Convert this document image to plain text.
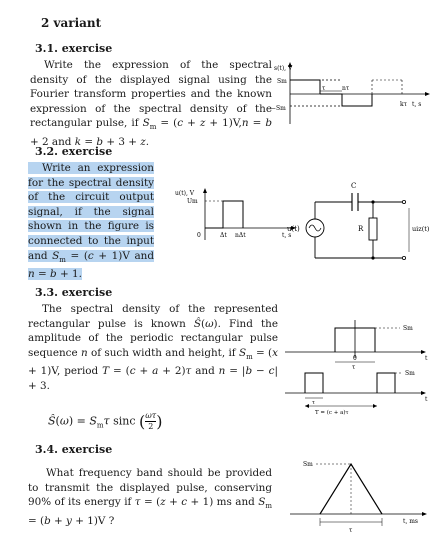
2 variant
3.1. exercise
Write the expression of the spectral density of the displayed signal using the Fourier transform properties and the known expression of the spectral density of the rectangular pulse, if $S_m = (c + z + 1)V,n = b + 2$ and k = b + 3 + z.
s(t), V
Sm
−Sm
τ	nτ
kτ t, s
3.2. exercise
Write an expression for the spectral density of the circuit output signal, if the signal shown in the figure is connected to the input and $S_m = (c + 1)V$ and n = b + 1.
u(t), V
Um
0	Δt nΔt	t, s
u(t)
C
R	uiz(t)
3.3. exercise
The spectral density of the represented rectangular pulse is known Ŝ(ω). Find the amplitude of the periodic rectangular pulse sequence n of such width and height, if $S_m = (x + 1)V$, period T = (c + a + 2)τ and n = |b − c| + 3.
Ŝ(ω) = $S_m\tau$ sinc ( $\frac{\omega\tau}{2}$ )
Sm
0
τ
t
Sm
τ
T = (c + a)τ
t
3.4. exercise
What frequency band should be provided to transmit the displayed pulse, conserving 90% of its energy if τ = (z + c + 1) ms and $S_m = (b + y + 1)V$ ?
Sm
τ
t, ms
